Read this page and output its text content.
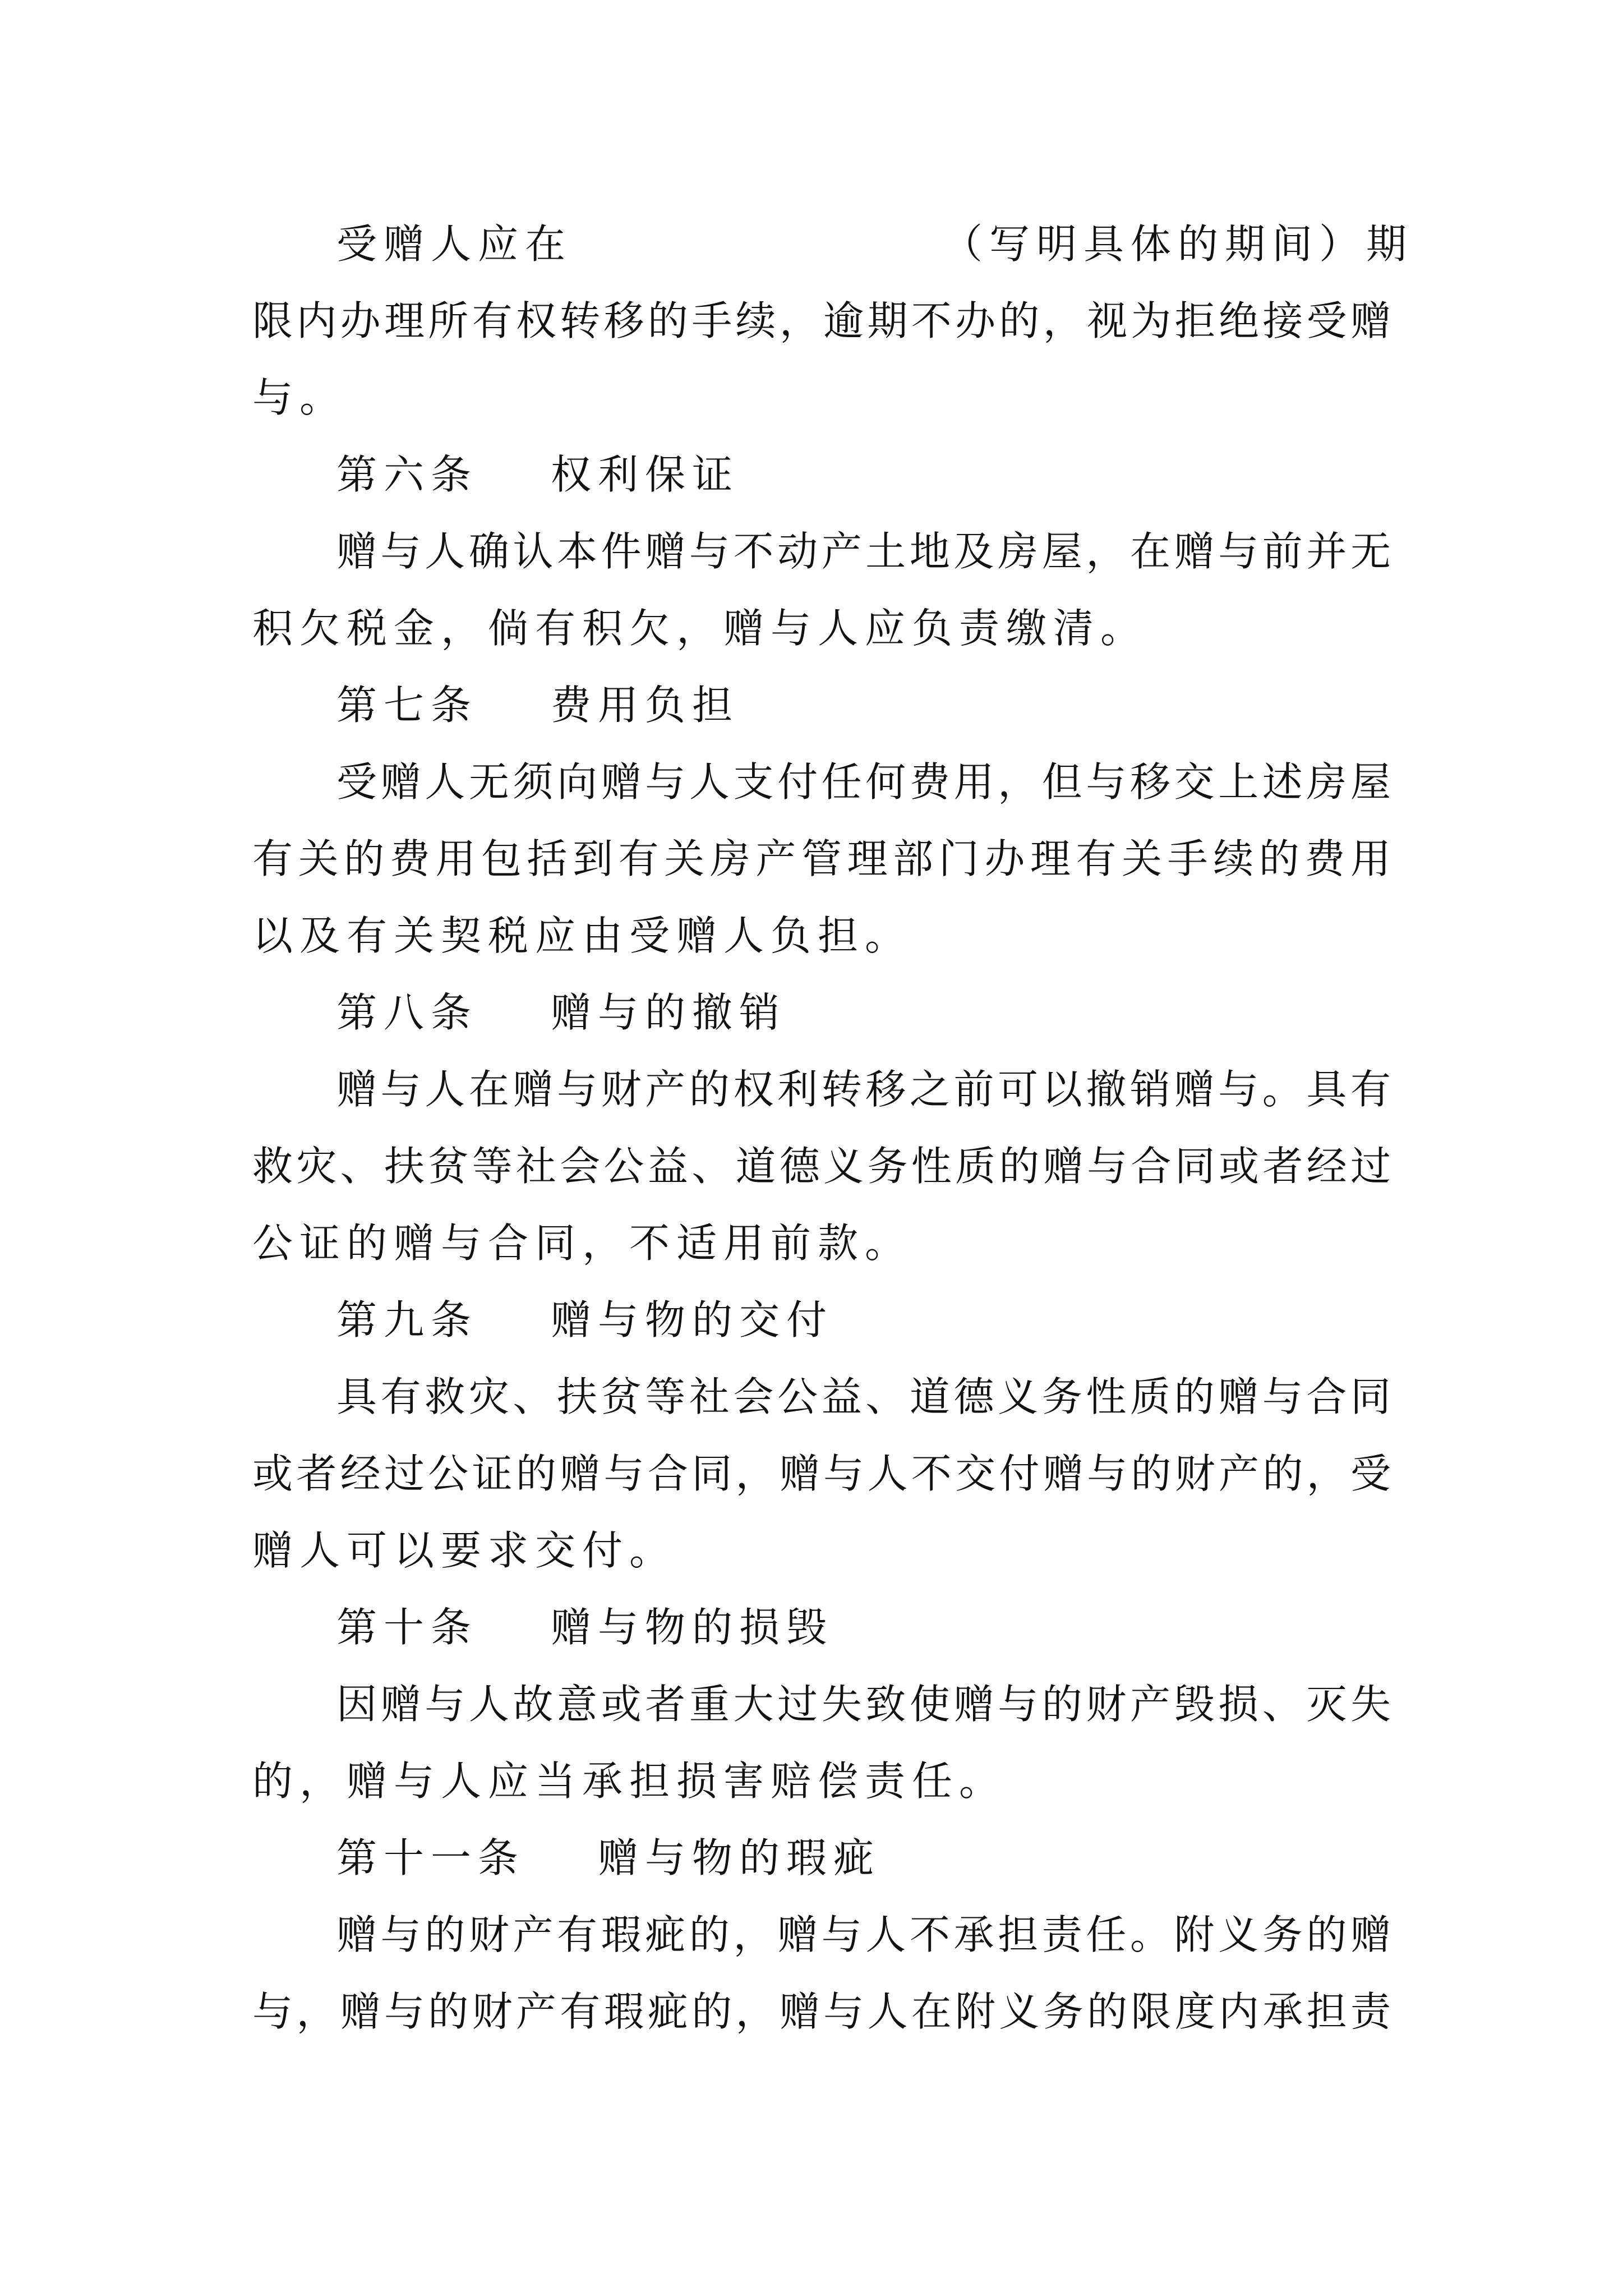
受赠人应在	（写明具体的期间）期
限内办理所有权转移的手续，逾期不办的，视为拒绝接受赠
与。
第六条 权利保证
赠与人确认本件赠与不动产土地及房屋，在赠与前并无
积欠税金，倘有积欠，赠与人应负责缴清。
第七条 费用负担
受赠人无须向赠与人支付任何费用，但与移交上述房屋
有关的费用包括到有关房产管理部门办理有关手续的费用
以及有关契税应由受赠人负担。
第八条 赠与的撤销
赠与人在赠与财产的权利转移之前可以撤销赠与。具有
救灾、扶贫等社会公益、道德义务性质的赠与合同或者经过
公证的赠与合同，不适用前款。
第九条 赠与物的交付
具有救灾、扶贫等社会公益、道德义务性质的赠与合同
或者经过公证的赠与合同，赠与人不交付赠与的财产的，受
赠人可以要求交付。
第十条 赠与物的损毁
因赠与人故意或者重大过失致使赠与的财产毁损、灭失
的，赠与人应当承担损害赔偿责任。
第十一条 赠与物的瑕疵
赠与的财产有瑕疵的，赠与人不承担责任。附义务的赠
与，赠与的财产有瑕疵的，赠与人在附义务的限度内承担责
